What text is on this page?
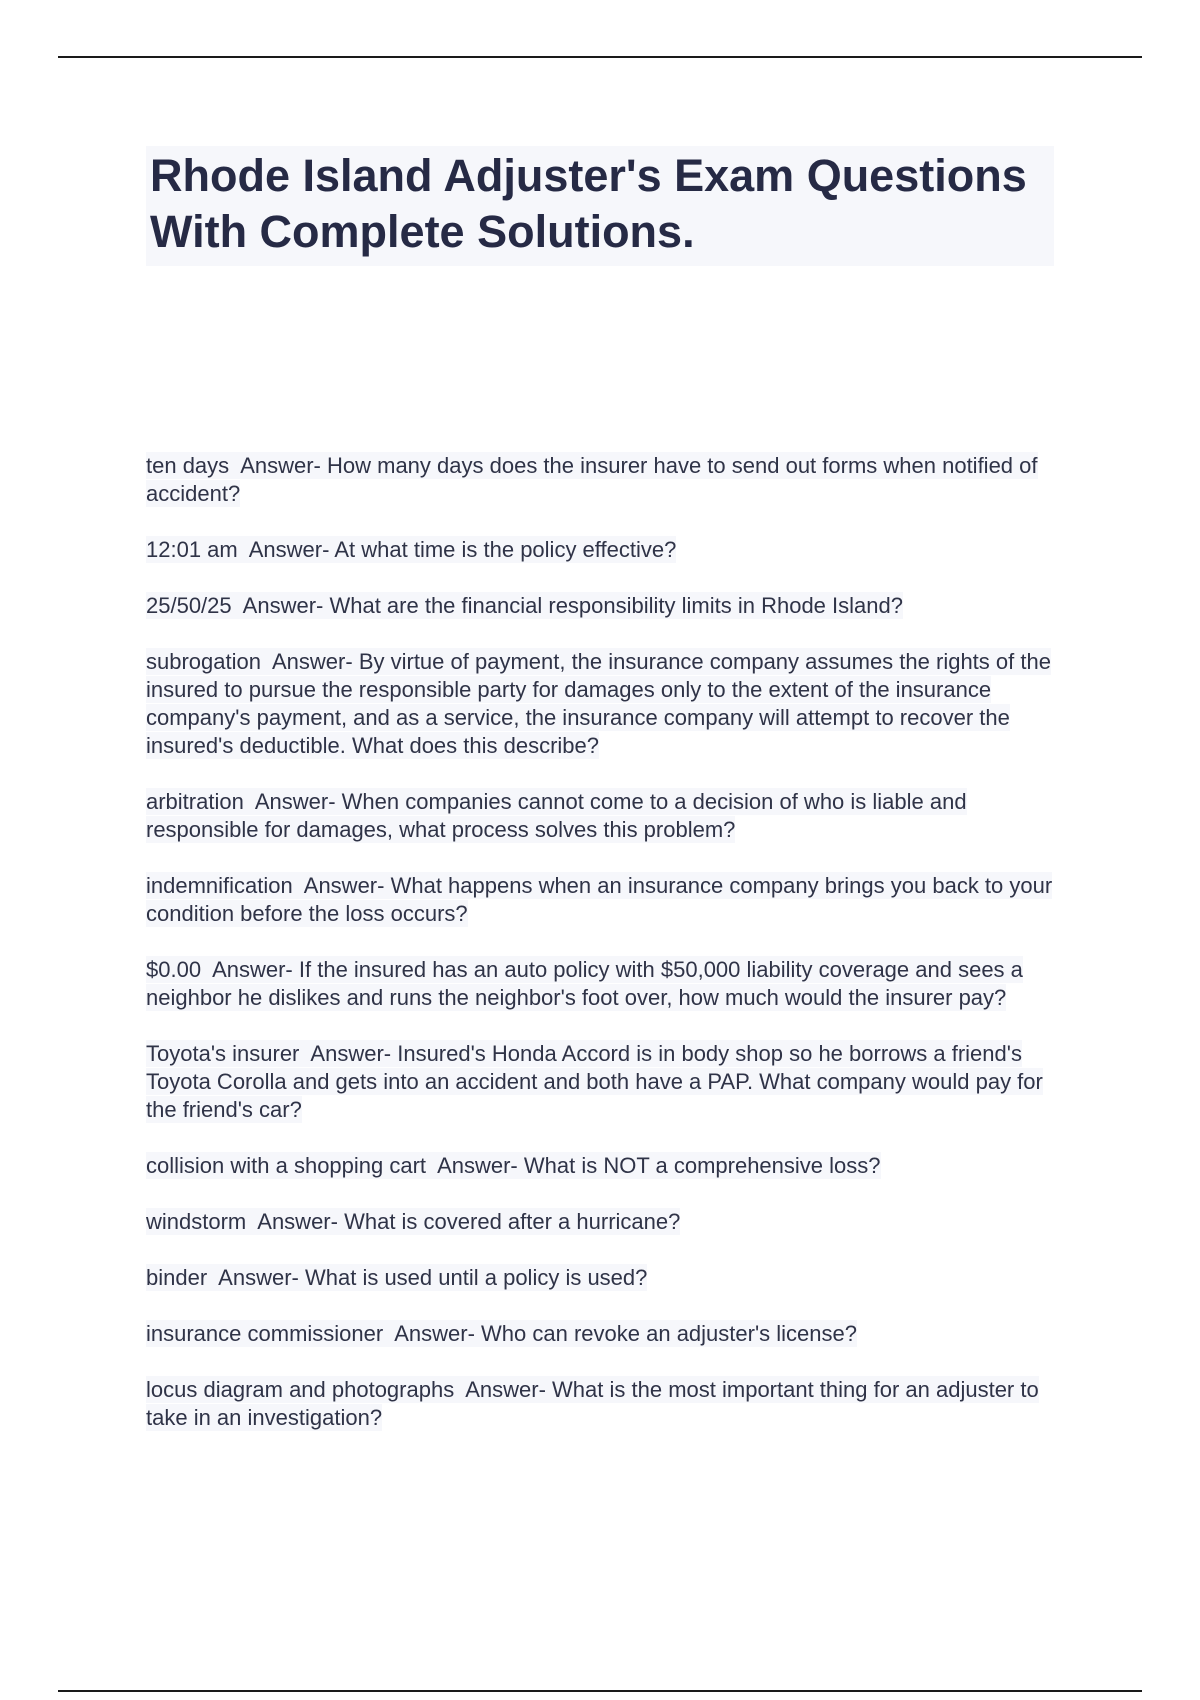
Rhode Island Adjuster's Exam Questions With Complete Solutions.
ten days Answer- How many days does the insurer have to send out forms when notified of accident?
12:01 am Answer- At what time is the policy effective?
25/50/25 Answer- What are the financial responsibility limits in Rhode Island?
subrogation Answer- By virtue of payment, the insurance company assumes the rights of the insured to pursue the responsible party for damages only to the extent of the insurance company's payment, and as a service, the insurance company will attempt to recover the insured's deductible. What does this describe?
arbitration Answer- When companies cannot come to a decision of who is liable and responsible for damages, what process solves this problem?
indemnification Answer- What happens when an insurance company brings you back to your condition before the loss occurs?
$0.00 Answer- If the insured has an auto policy with $50,000 liability coverage and sees a neighbor he dislikes and runs the neighbor's foot over, how much would the insurer pay?
Toyota's insurer Answer- Insured's Honda Accord is in body shop so he borrows a friend's Toyota Corolla and gets into an accident and both have a PAP. What company would pay for the friend's car?
collision with a shopping cart Answer- What is NOT a comprehensive loss?
windstorm Answer- What is covered after a hurricane?
binder Answer- What is used until a policy is used?
insurance commissioner Answer- Who can revoke an adjuster's license?
locus diagram and photographs Answer- What is the most important thing for an adjuster to take in an investigation?
